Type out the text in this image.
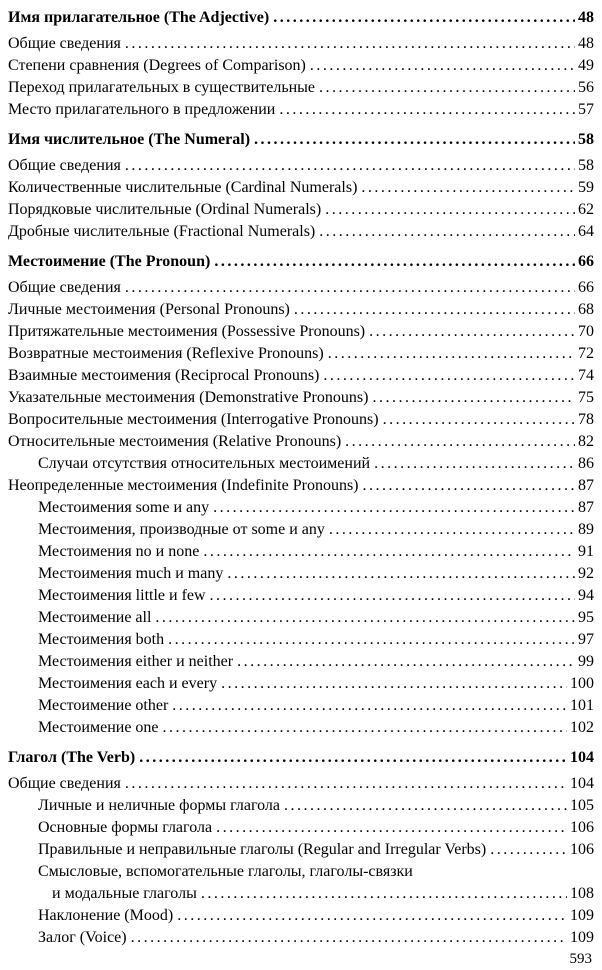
Имя прилагательное (The Adjective) .....	48
Общие сведения .....	48
Степени сравнения (Degrees of Comparison) .....	49
Переход прилагательных в существительные .....	56
Место прилагательного в предложении .....	57
Имя числительное (The Numeral) .....	58
Общие сведения .....	58
Количественные числительные (Cardinal Numerals) .....	59
Порядковые числительные (Ordinal Numerals) .....	62
Дробные числительные (Fractional Numerals) .....	64
Местоимение (The Pronoun) .....	66
Общие сведения .....	66
Личные местоимения (Personal Pronouns) .....	68
Притяжательные местоимения (Possessive Pronouns) .....	70
Возвратные местоимения (Reflexive Pronouns) .....	72
Взаимные местоимения (Reciprocal Pronouns) .....	74
Указательные местоимения (Demonstrative Pronouns) .....	75
Вопросительные местоимения (Interrogative Pronouns) .....	78
Относительные местоимения (Relative Pronouns) .....	82
Случаи отсутствия относительных местоимений .....	86
Неопределенные местоимения (Indefinite Pronouns) .....	87
Местоимения some и any .....	87
Местоимения, производные от some и any .....	89
Местоимения no и none .....	91
Местоимения much и many .....	92
Местоимения little и few .....	94
Местоимение all .....	95
Местоимения both .....	97
Местоимения either и neither .....	99
Местоимения each и every .....	100
Местоимение other .....	101
Местоимение one .....	102
Глагол (The Verb) .....	104
Общие сведения .....	104
Личные и неличные формы глагола .....	105
Основные формы глагола .....	106
Правильные и неправильные глаголы (Regular and Irregular Verbs) .....	106
Смысловые, вспомогательные глаголы, глаголы-связки
и модальные глаголы .....	108
Наклонение (Mood) .....	109
Залог (Voice) .....	109
593
